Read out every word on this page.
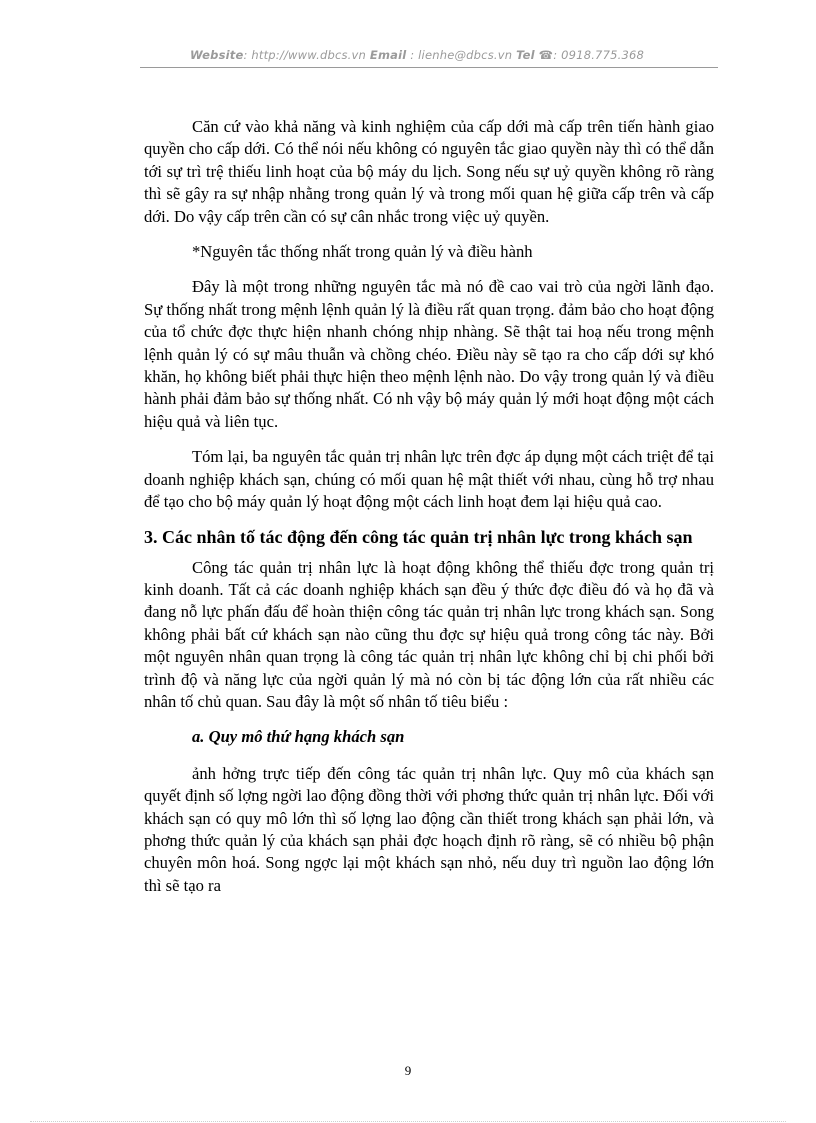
Website: http://www.dbcs.vn Email : lienhe@dbcs.vn Tel ☎: 0918.775.368

Căn cứ vào khả năng và kinh nghiệm của cấp dới mà cấp trên tiến hành giao quyền cho cấp dới. Có thể nói nếu không có nguyên tắc giao quyền này thì có thể dẫn tới sự trì trệ thiếu linh hoạt của bộ máy du lịch. Song nếu sự uỷ quyền không rõ ràng thì sẽ gây ra sự nhập nhằng trong quản lý và trong mối quan hệ giữa cấp trên và cấp dới. Do vậy cấp trên cần có sự cân nhắc trong việc uỷ quyền.

*Nguyên tắc thống nhất trong quản lý và điều hành

Đây là một trong những nguyên tắc mà nó đề cao vai trò của ngời lãnh đạo. Sự thống nhất trong mệnh lệnh quản lý là điều rất quan trọng. đảm bảo cho hoạt động của tổ chức đợc thực hiện nhanh chóng nhịp nhàng. Sẽ thật tai hoạ nếu trong mệnh lệnh quản lý có sự mâu thuẫn và chồng chéo. Điều này sẽ tạo ra cho cấp dới sự khó khăn, họ không biết phải thực hiện theo mệnh lệnh nào. Do vậy trong quản lý và điều hành phải đảm bảo sự thống nhất. Có nh vậy bộ máy quản lý mới hoạt động một cách hiệu quả và liên tục.

Tóm lại, ba nguyên tắc quản trị nhân lực trên đợc áp dụng một cách triệt để tại doanh nghiệp khách sạn, chúng có mối quan hệ mật thiết với nhau, cùng hỗ trợ nhau để tạo cho bộ máy quản lý hoạt động một cách linh hoạt đem lại hiệu quả cao.

3. Các nhân tố tác động đến công tác quản trị nhân lực trong khách sạn

Công tác quản trị nhân lực là hoạt động không thể thiếu đợc trong quản trị kinh doanh. Tất cả các doanh nghiệp khách sạn đều ý thức đợc điều đó và họ đã và đang nỗ lực phấn đấu để hoàn thiện công tác quản trị nhân lực trong khách sạn. Song không phải bất cứ khách sạn nào cũng thu đợc sự hiệu quả trong công tác này. Bởi một nguyên nhân quan trọng là công tác quản trị nhân lực không chỉ bị chi phối bởi trình độ và năng lực của ngời quản lý mà nó còn bị tác động lớn của rất nhiều các nhân tố chủ quan. Sau đây là một số nhân tố tiêu biểu :

a. Quy mô thứ hạng khách sạn

ảnh hởng trực tiếp đến công tác quản trị nhân lực. Quy mô của khách sạn quyết định số lợng ngời lao động đồng thời với phơng thức quản trị nhân lực. Đối với khách sạn có quy mô lớn thì số lợng lao động cần thiết trong khách sạn phải lớn, và phơng thức quản lý của khách sạn phải đợc hoạch định rõ ràng, sẽ có nhiều bộ phận chuyên môn hoá. Song ngợc lại một khách sạn nhỏ, nếu duy trì nguồn lao động lớn thì sẽ tạo ra

9
